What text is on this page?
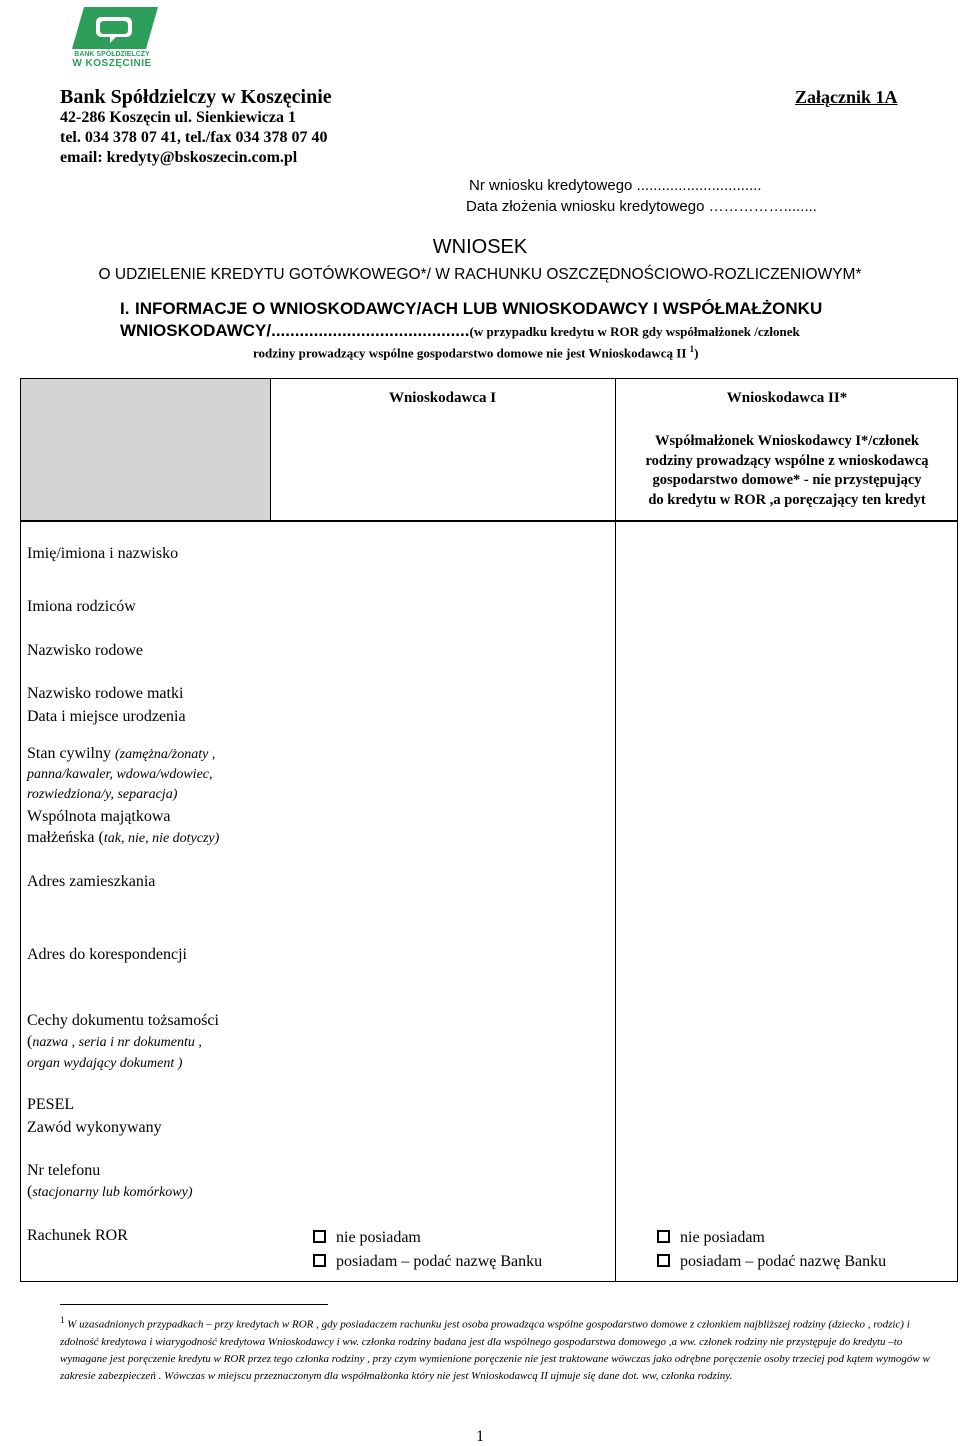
BANK SPÓŁDZIELCZY
W KOSZĘCINIE
Bank Spółdzielczy w Koszęcinie
42-286 Koszęcin ul. Sienkiewicza 1
tel. 034 378 07 41, tel./fax 034 378 07 40
email: kredyty@bskoszecin.com.pl
Załącznik 1A
Nr wniosku kredytowego ..............................
Data złożenia wniosku kredytowego ……………........
WNIOSEK
O UDZIELENIE KREDYTU GOTÓWKOWEGO*/ W RACHUNKU OSZCZĘDNOŚCIOWO-ROZLICZENIOWYM*
I. INFORMACJE O WNIOSKODAWCY/ACH LUB WNIOSKODAWCY I WSPÓŁMAŁŻONKU
WNIOSKODAWCY/..........................................(w przypadku kredytu w ROR gdy współmałżonek /członek
rodziny prowadzący wspólne gospodarstwo domowe nie jest Wnioskodawcą II $^1$)
Wnioskodawca I	Wnioskodawca II*
Współmałżonek Wnioskodawcy I*/członek
rodziny prowadzący wspólne z wnioskodawcą
gospodarstwo domowe* - nie przystępujący
do kredytu w ROR ,a poręczający ten kredyt
Imię/imiona i nazwisko
Imiona rodziców
Nazwisko rodowe
Nazwisko rodowe matki
Data i miejsce urodzenia
Stan cywilny (zamężna/żonaty ,
panna/kawaler, wdowa/wdowiec,
rozwiedziona/y, separacja)
Wspólnota majątkowa
małżeńska (tak, nie, nie dotyczy)
Adres zamieszkania
Adres do korespondencji
Cechy dokumentu tożsamości
(nazwa , seria i nr dokumentu ,
organ wydający dokument )
PESEL
Zawód wykonywany
Nr telefonu
(stacjonarny lub komórkowy)
Rachunek ROR	nie posiadam
posiadam – podać nazwę Banku
nie posiadam
posiadam – podać nazwę Banku
$^1$ W uzasadnionych przypadkach – przy kredytach w ROR , gdy posiadaczem rachunku jest osoba prowadząca wspólne gospodarstwo domowe z członkiem najbliższej rodziny (dziecko , rodzic) i zdolność kredytowa i wiarygodność kredytowa Wnioskodawcy i ww. członka rodziny badana jest dla wspólnego gospodarstwa domowego ,a ww. członek rodziny nie przystępuje do kredytu –to wymagane jest poręczenie kredytu w ROR przez tego członka rodziny , przy czym wymienione poręczenie nie jest traktowane wówczas jako odrębne poręczenie osoby trzeciej pod kątem wymogów w zakresie zabezpieczeń . Wówczas w miejscu przeznaczonym dla współmałżonka który nie jest Wnioskodawcą II ujmuje się dane dot. ww, członka rodziny.
1
